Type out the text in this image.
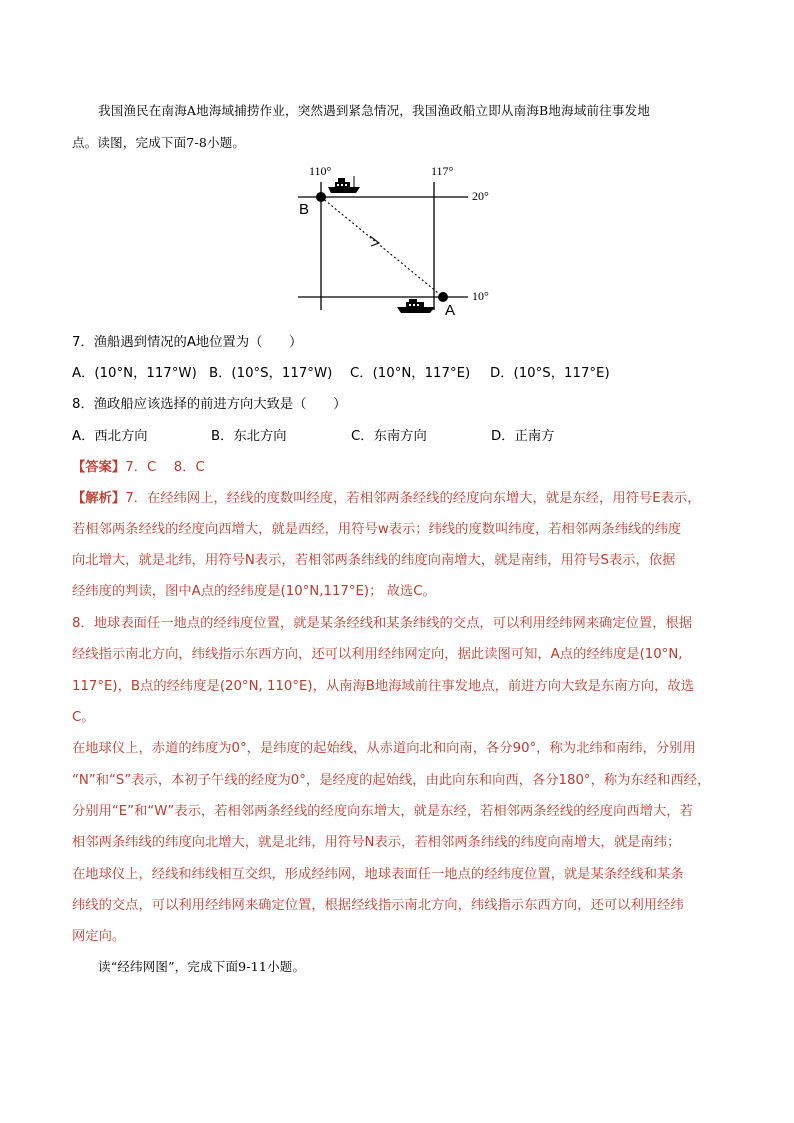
我国渔民在南海A地海域捕捞作业，突然遇到紧急情况，我国渔政船立即从南海B地海域前往事发地
点。读图，完成下面7-8小题。
110°	117°
20°
10°
B
A
7．渔船遇到情况的A地位置为（　　）
A．(10°N，117°W) B．(10°S，117°W) C．(10°N，117°E) D．(10°S，117°E)
8．渔政船应该选择的前进方向大致是（　　）
A．西北方向	B．东北方向	C．东南方向	D．正南方
【答案】7．C　 8．C
【解析】7．在经纬网上，经线的度数叫经度，若相邻两条经线的经度向东增大，就是东经，用符号E表示，
若相邻两条经线的经度向西增大，就是西经，用符号w表示；纬线的度数叫纬度，若相邻两条纬线的纬度
向北增大，就是北纬，用符号N表示，若相邻两条纬线的纬度向南增大，就是南纬，用符号S表示，依据
经纬度的判读，图中A点的经纬度是(10°N,117°E)； 故选C。
8．地球表面任一地点的经纬度位置，就是某条经线和某条纬线的交点，可以利用经纬网来确定位置，根据
经线指示南北方向，纬线指示东西方向，还可以利用经纬网定向，据此读图可知，A点的经纬度是(10°N,
117°E)，B点的经纬度是(20°N, 110°E)，从南海B地海域前往事发地点，前进方向大致是东南方向，故选
C。
在地球仪上，赤道的纬度为0°，是纬度的起始线，从赤道向北和向南，各分90°，称为北纬和南纬，分别用
“N”和“S”表示，本初子午线的经度为0°，是经度的起始线，由此向东和向西，各分180°，称为东经和西经，
分别用“E”和“W”表示，若相邻两条经线的经度向东增大，就是东经，若相邻两条经线的经度向西增大，若
相邻两条纬线的纬度向北增大，就是北纬，用符号N表示，若相邻两条纬线的纬度向南增大，就是南纬；
在地球仪上，经线和纬线相互交织，形成经纬网，地球表面任一地点的经纬度位置，就是某条经线和某条
纬线的交点，可以利用经纬网来确定位置，根据经线指示南北方向，纬线指示东西方向，还可以利用经纬
网定向。
读“经纬网图”，完成下面9-11小题。
